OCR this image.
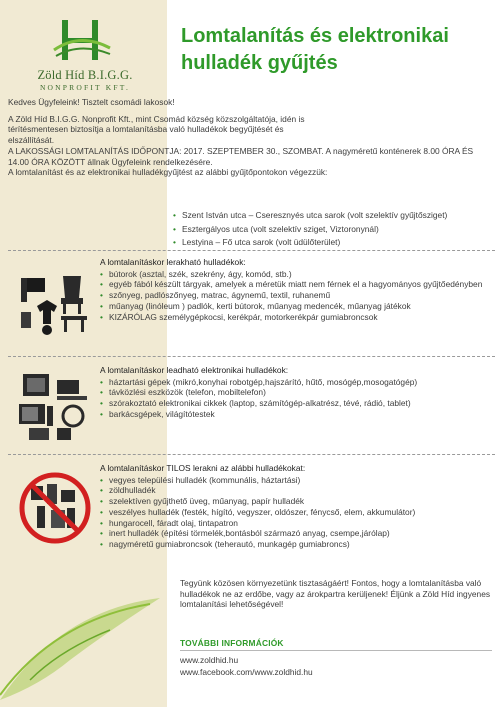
Zöld Híd B.I.G.G.
NONPROFIT KFT.
Lomtalanítás és elektronikai
hulladék gyűjtés

Kedves Ügyfeleink! Tisztelt csomádi lakosok!

A Zöld Híd B.I.G.G. Nonprofit Kft., mint Csomád község közszolgáltatója, idén is térítésmentesen biztosítja a lomtalanításba való hulladékok begyűjtését és elszállítását.

A LAKOSSÁGI LOMTALANÍTÁS IDŐPONTJA: 2017. SZEPTEMBER 30., SZOMBAT. A nagyméretű konténerek 8.00 ÓRA ÉS 14.00 ÓRA KÖZÖTT állnak Ügyfeleink rendelkezésére.

A lomtalanítást és az elektronikai hulladékgyűjtést az alábbi gyűjtőpontokon végezzük:

• Szent István utca – Cseresznyés utca sarok (volt szelektív gyűjtősziget)
• Esztergályos utca (volt szelektív sziget, Viztoronynál)
• Lestyina – Fő utca sarok (volt üdülőterület)
A lomtalanításkor lerakható hulladékok:
• bútorok (asztal, szék, szekrény, ágy, komód, stb.)
• egyéb fából készült tárgyak, amelyek a méretük miatt nem férnek el a hagyományos gyűjtőedényben
• szőnyeg, padlószőnyeg, matrac, ágynemű, textil, ruhanemű
• műanyag (linóleum ) padlók, kerti bútorok, műanyag medencék, műanyag játékok
• KIZÁRÓLAG személygépkocsi, kerékpár, motorkerékpár gumiabroncsok
A lomtalanításkor leadható elektronikai hulladékok:
• háztartási gépek (mikró,konyhai robotgép,hajszárító, hűtő, mosógép,mosogatógép)
• távközlési eszközök (telefon, mobiltelefon)
• szórakoztató elektronikai cikkek (laptop, számítógép-alkatrész, tévé, rádió, tablet)
• barkácsgépek, világítótestek
A lomtalanításkor TILOS lerakni az alábbi hulladékokat:
• vegyes települési hulladék (kommunális, háztartási)
• zöldhulladék
• szelektíven gyűjthető üveg, műanyag, papír hulladék
• veszélyes hulladék (festék, hígító, vegyszer, oldószer, fénycső, elem, akkumulátor)
• hungarocell, fáradt olaj, tintapatron
• inert hulladék (építési törmelék,bontásból származó anyag, csempe,járólap)
• nagyméretű gumiabroncsok (teherautó, munkagép gumiabroncs)
Tegyünk közösen környezetünk tisztaságáért! Fontos, hogy a lomtalanításba való hulladékok ne az erdőbe, vagy az árokpartra kerüljenek! Éljünk a Zöld Híd ingyenes lomtalanítási lehetőségével!
TOVÁBBI INFORMÁCIÓK
www.zoldhid.hu
www.facebook.com/www.zoldhid.hu
